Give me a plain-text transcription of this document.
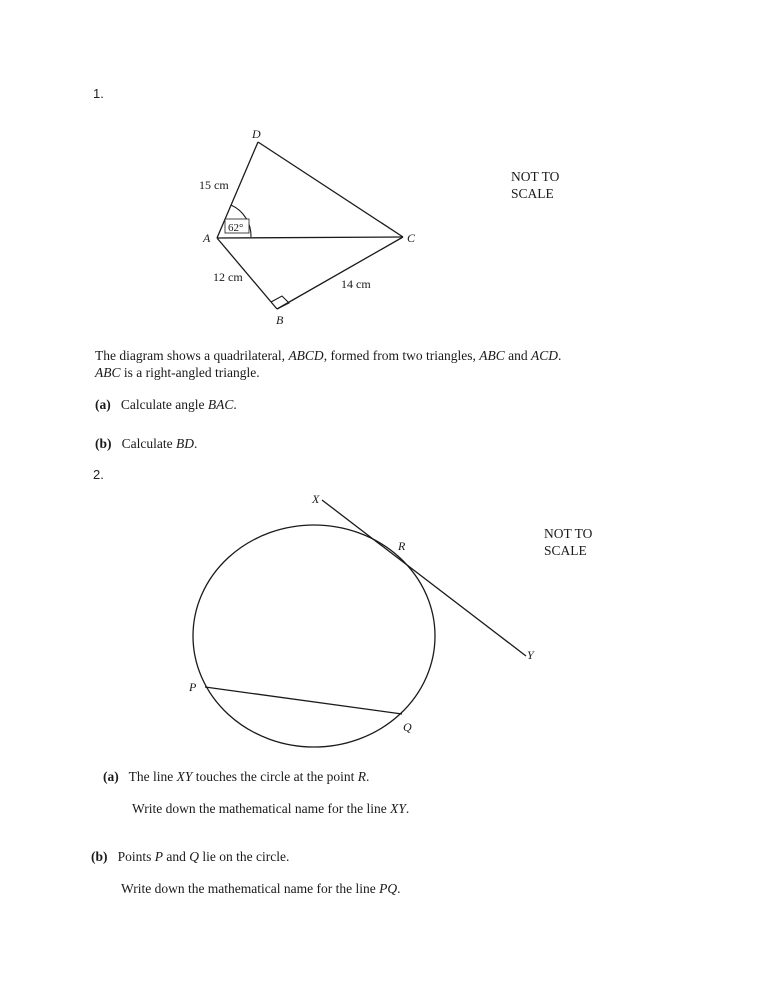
1.
62°
D
A
B
C
15 cm
12 cm	14 cm
NOT TO
SCALE
The diagram shows a quadrilateral, ABCD, formed from two triangles, ABC and ACD.
ABC is a right-angled triangle.
(a) Calculate angle BAC.
(b) Calculate BD.
2.
X
Y
R
P
Q
NOT TO
SCALE
(a) The line XY touches the circle at the point R.
Write down the mathematical name for the line XY.
(b) Points P and Q lie on the circle.
Write down the mathematical name for the line PQ.
